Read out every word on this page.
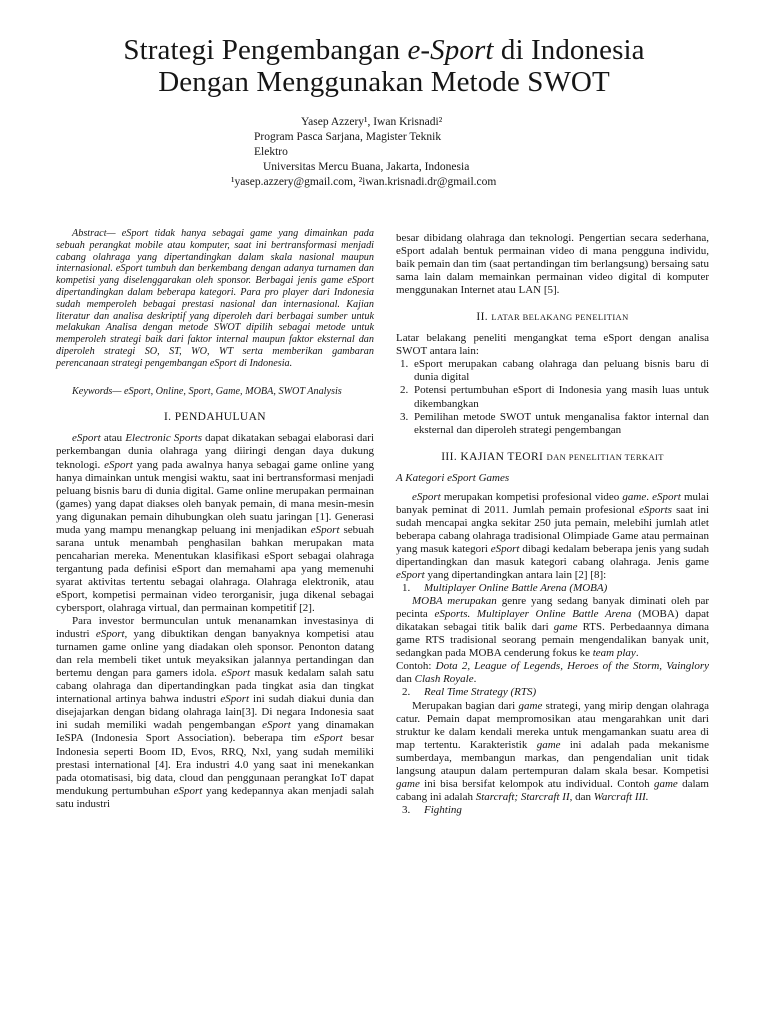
Strategi Pengembangan e-Sport di Indonesia
Dengan Menggunakan Metode SWOT
Yasep Azzery¹, Iwan Krisnadi²
Program Pasca Sarjana, Magister Teknik
Elektro
Universitas Mercu Buana, Jakarta, Indonesia
¹yasep.azzery@gmail.com, ²iwan.krisnadi.dr@gmail.com

Abstract— eSport tidak hanya sebagai game yang dimainkan pada sebuah perangkat mobile atau komputer, saat ini bertransformasi menjadi cabang olahraga yang dipertandingkan dalam skala nasional maupun internasional. eSport tumbuh dan berkembang dengan adanya turnamen dan kompetisi yang diselenggarakan oleh sponsor. Berbagai jenis game eSport dipertandingkan dalam beberapa kategori. Para pro player dari Indonesia sudah memperoleh bebagai prestasi nasional dan internasional. Kajian literatur dan analisa deskriptif yang diperoleh dari berbagai sumber untuk melakukan Analisa dengan metode SWOT dipilih sebagai metode untuk memperoleh strategi baik dari faktor internal maupun faktor eksternal dan diperoleh strategi SO, ST, WO, WT serta memberikan gambaran perencanaan strategi pengembangan eSport di Indonesia.

Keywords— eSport, Online, Sport, Game, MOBA, SWOT Analysis

I. PENDAHULUAN

eSport atau Electronic Sports dapat dikatakan sebagai elaborasi dari perkembangan dunia olahraga yang diiringi dengan daya dukung teknologi. eSport yang pada awalnya hanya sebagai game online yang hanya dimainkan untuk mengisi waktu, saat ini bertransformasi menjadi peluang bisnis baru di dunia digital. Game online merupakan permainan (games) yang dapat diakses oleh banyak pemain, di mana mesin-mesin yang digunakan pemain dihubungkan oleh suatu jaringan [1]. Generasi muda yang mampu menangkap peluang ini menjadikan eSport sebuah sarana untuk menambah penghasilan bahkan merupakan mata pencaharian mereka. Menentukan klasifikasi eSport sebagai olahraga tergantung pada definisi eSport dan memahami apa yang memenuhi syarat aktivitas tertentu sebagai olahraga. Olahraga elektronik, atau eSport, kompetisi permainan video terorganisir, juga dikenal sebagai cybersport, olahraga virtual, dan permainan kompetitif [2].

Para investor bermunculan untuk menanamkan investasinya di industri eSport, yang dibuktikan dengan banyaknya kompetisi atau turnamen game online yang diadakan oleh sponsor. Penonton datang dan rela membeli tiket untuk meyaksikan jalannya pertandingan dan bertemu dengan para gamers idola. eSport masuk kedalam salah satu cabang olahraga dan dipertandingkan pada tingkat asia dan tingkat international artinya bahwa industri eSport ini sudah diakui dunia dan disejajarkan dengan bidang olahraga lain[3]. Di negara Indonesia saat ini sudah memiliki wadah pengembangan eSport yang dinamakan IeSPA (Indonesia Sport Association). beberapa tim eSport besar Indonesia seperti Boom ID, Evos, RRQ, Nxl, yang sudah memiliki prestasi international [4]. Era industri 4.0 yang saat ini menekankan pada otomatisasi, big data, cloud dan penggunaan perangkat IoT dapat mendukung pertumbuhan eSport yang kedepannya akan menjadi salah satu industri

besar dibidang olahraga dan teknologi. Pengertian secara sederhana, eSport adalah bentuk permainan video di mana pengguna individu, baik pemain dan tim (saat pertandingan tim berlangsung) bersaing satu sama lain dalam memainkan permainan video digital di komputer menggunakan Internet atau LAN [5].

II. LATAR BELAKANG PENELITIAN

Latar belakang peneliti mengangkat tema eSport dengan analisa SWOT antara lain:

1. eSport merupakan cabang olahraga dan peluang bisnis baru di dunia digital
2. Potensi pertumbuhan eSport di Indonesia yang masih luas untuk dikembangkan
3. Pemilihan metode SWOT untuk menganalisa faktor internal dan eksternal dan diperoleh strategi pengembangan
III. KAJIAN TEORI DAN PENELITIAN TERKAIT
A Kategori eSport Games

eSport merupakan kompetisi profesional video game. eSport mulai banyak peminat di 2011. Jumlah pemain profesional eSports saat ini sudah mencapai angka sekitar 250 juta pemain, melebihi jumlah atlet beberapa cabang olahraga tradisional Olimpiade Game atau permainan yang masuk kategori eSport dibagi kedalam beberapa jenis yang sudah dipertandingkan dan masuk kategori cabang olahraga. Jenis game eSport yang dipertandingkan antara lain [2] [8]:

1. Multiplayer Online Battle Arena (MOBA)

MOBA merupakan genre yang sedang banyak diminati oleh par pecinta eSports. Multiplayer Online Battle Arena (MOBA) dapat dikatakan sebagai titik balik dari game RTS. Perbedaannya dimana game RTS tradisional seorang pemain mengendalikan banyak unit, sedangkan pada MOBA cenderung fokus ke team play.

Contoh: Dota 2, League of Legends, Heroes of the Storm, Vainglory dan Clash Royale.

2. Real Time Strategy (RTS)

Merupakan bagian dari game strategi, yang mirip dengan olahraga catur. Pemain dapat mempromosikan atau mengarahkan unit dari struktur ke dalam kendali mereka untuk mengamankan suatu area di map tertentu. Karakteristik game ini adalah pada mekanisme sumberdaya, membangun markas, dan pengendalian unit tidak langsung ataupun dalam pertempuran dalam skala besar. Kompetisi game ini bisa bersifat kelompok atu individual. Contoh game dalam cabang ini adalah Starcraft; Starcraft II, dan Warcraft III.

3. Fighting
